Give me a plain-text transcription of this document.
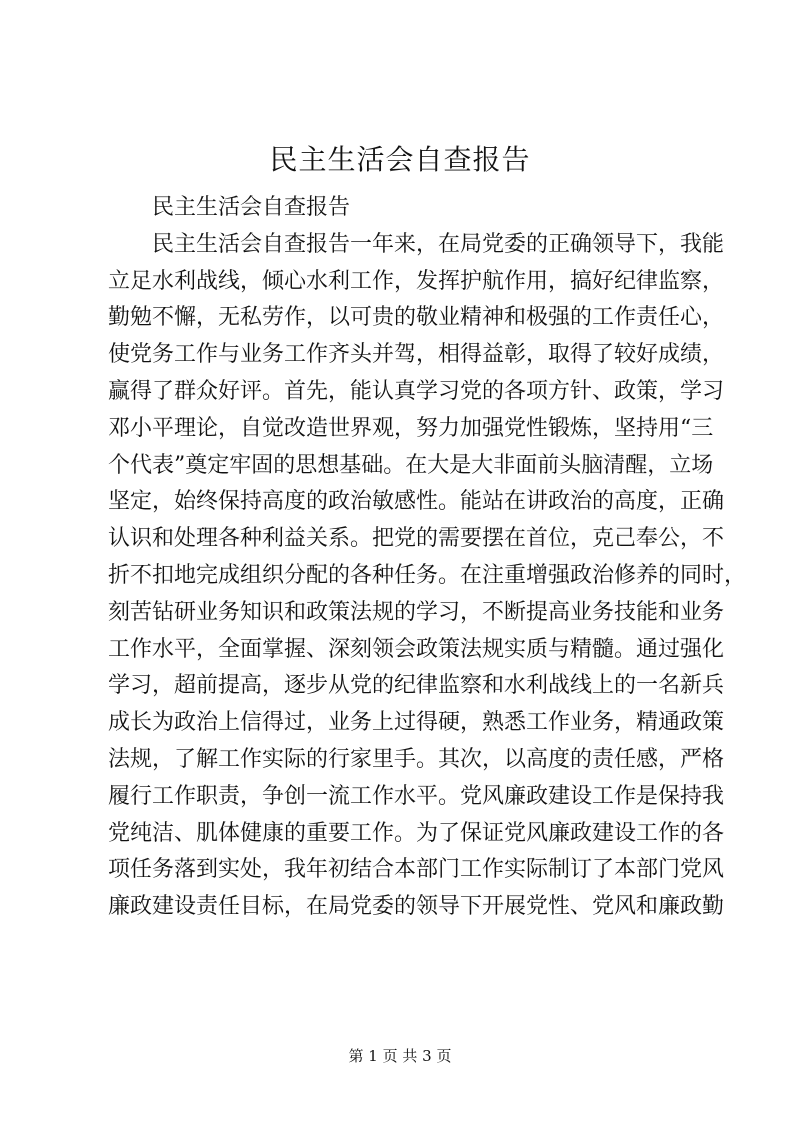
民主生活会自查报告
民主生活会自查报告
民主生活会自查报告一年来，在局党委的正确领导下，我能
立足水利战线，倾心水利工作，发挥护航作用，搞好纪律监察，
勤勉不懈，无私劳作，以可贵的敬业精神和极强的工作责任心，
使党务工作与业务工作齐头并驾，相得益彰，取得了较好成绩，
赢得了群众好评。首先，能认真学习党的各项方针、政策，学习
邓小平理论，自觉改造世界观，努力加强党性锻炼，坚持用“三
个代表”奠定牢固的思想基础。在大是大非面前头脑清醒，立场
坚定，始终保持高度的政治敏感性。能站在讲政治的高度，正确
认识和处理各种利益关系。把党的需要摆在首位，克己奉公，不
折不扣地完成组织分配的各种任务。在注重增强政治修养的同时，
刻苦钻研业务知识和政策法规的学习，不断提高业务技能和业务
工作水平，全面掌握、深刻领会政策法规实质与精髓。通过强化
学习，超前提高，逐步从党的纪律监察和水利战线上的一名新兵
成长为政治上信得过，业务上过得硬，熟悉工作业务，精通政策
法规，了解工作实际的行家里手。其次，以高度的责任感，严格
履行工作职责，争创一流工作水平。党风廉政建设工作是保持我
党纯洁、肌体健康的重要工作。为了保证党风廉政建设工作的各
项任务落到实处，我年初结合本部门工作实际制订了本部门党风
廉政建设责任目标，在局党委的领导下开展党性、党风和廉政勤
第 1 页 共 3 页
